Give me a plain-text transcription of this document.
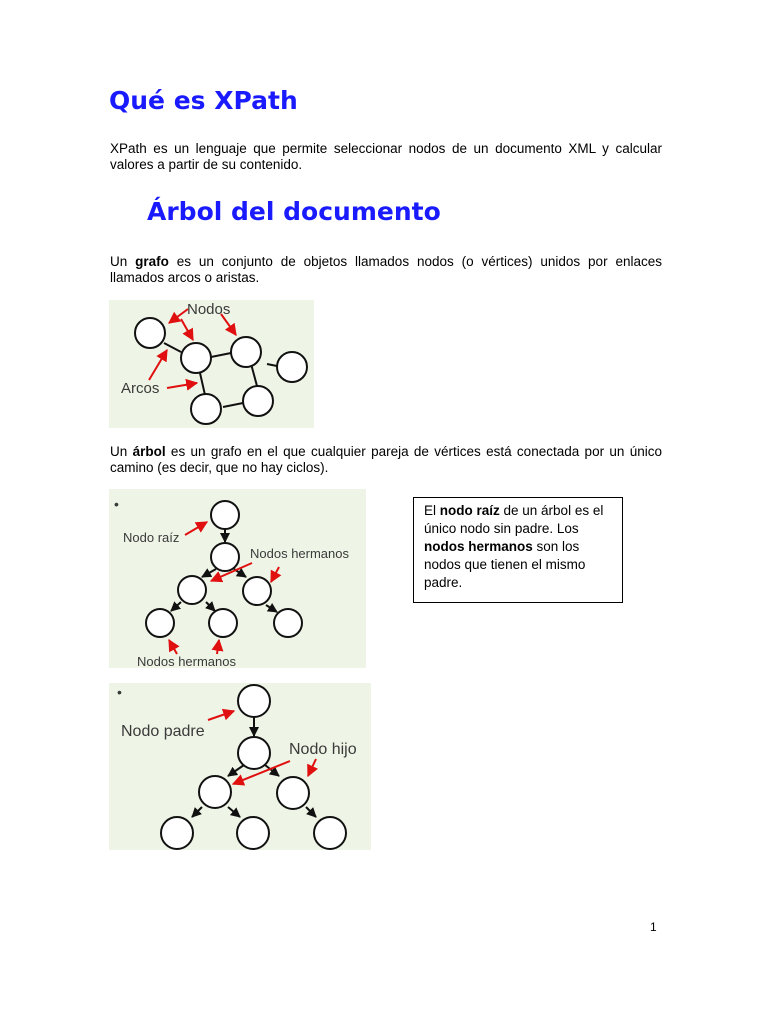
Qué es XPath

XPath es un lenguaje que permite seleccionar nodos de un documento XML y calcular valores a partir de su contenido.

Árbol del documento

Un grafo es un conjunto de objetos llamados nodos (o vértices) unidos por enlaces llamados arcos o aristas.

Nodos
Arcos

Un árbol es un grafo en el que cualquier pareja de vértices está conectada por un único camino (es decir, que no hay ciclos).

•
Nodo raíz
Nodos hermanos
Nodos hermanos
El nodo raíz de un árbol es el único nodo sin padre. Los nodos hermanos son los nodos que tienen el mismo padre.
•
Nodo padre
Nodo hijo
1
